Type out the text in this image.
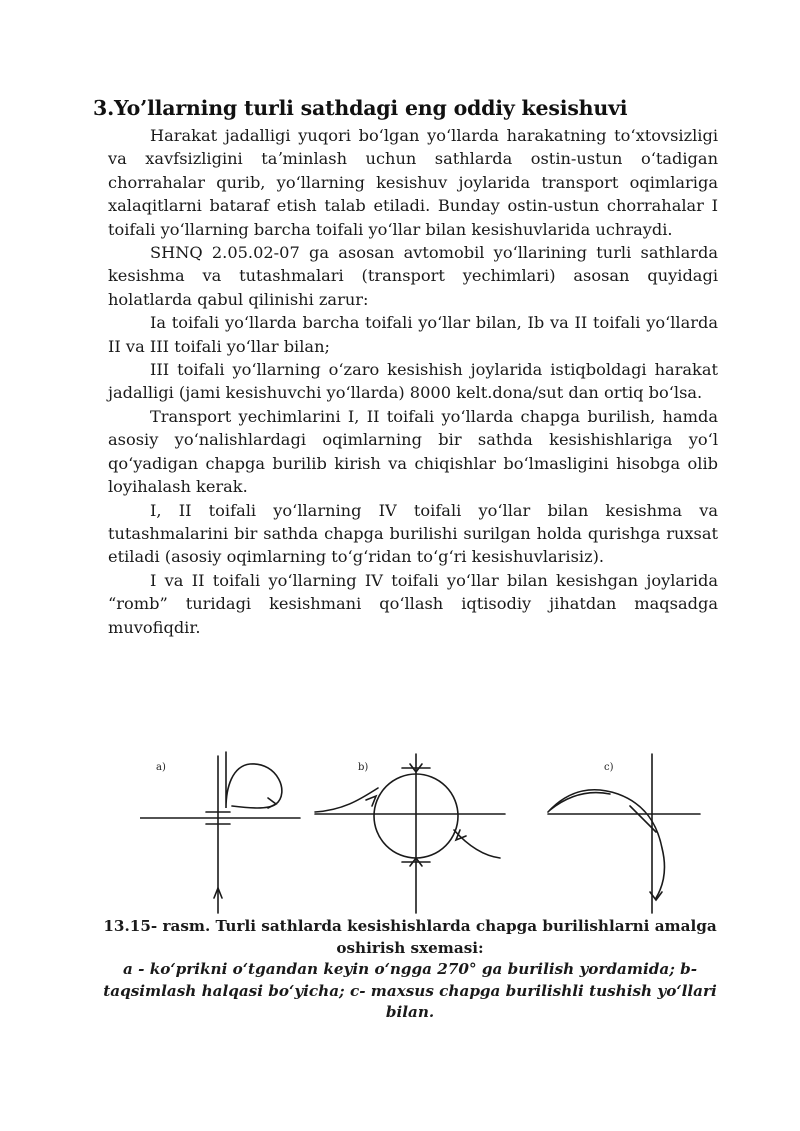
3.Yo’llarning turli sathdagi eng oddiy kesishuvi

Harakat jadalligi yuqori boʻlgan yoʻllarda harakatning toʻxtovsizligi va xavfsizligini taʼminlash uchun sathlarda ostin-ustun oʻtadigan chorrahalar qurib, yoʻllarning kesishuv joylarida transport oqimlariga xalaqitlarni bataraf etish talab etiladi. Bunday ostin-ustun chorrahalar I toifali yoʻllarning barcha toifali yoʻllar bilan kesishuvlarida uchraydi.

SHNQ 2.05.02-07 ga asosan avtomobil yoʻllarining turli sathlarda kesishma va tutashmalari (transport yechimlari) asosan quyidagi holatlarda qabul qilinishi zarur:

Ia toifali yoʻllarda barcha toifali yoʻllar bilan, Ib va II toifali yoʻllarda II va III toifali yoʻllar bilan;

III toifali yoʻllarning oʻzaro kesishish joylarida istiqboldagi harakat jadalligi (jami kesishuvchi yoʻllarda) 8000 kelt.dona/sut dan ortiq boʻlsa.

Transport yechimlarini I, II toifali yoʻllarda chapga burilish, hamda asosiy yoʻnalishlardagi oqimlarning bir sathda kesishishlariga yoʻl qoʻyadigan chapga burilib kirish va chiqishlar boʻlmasligini hisobga olib loyihalash kerak.

I, II toifali yoʻllarning IV toifali yoʻllar bilan kesishma va tutashmalarini bir sathda chapga burilishi surilgan holda qurishga ruxsat etiladi (asosiy oqimlarning toʻgʻridan toʻgʻri kesishuvlarisiz).

I va II toifali yoʻllarning IV toifali yoʻllar bilan kesishgan joylarida “romb” turidagi kesishmani qoʻllash iqtisodiy jihatdan maqsadga muvofiqdir.

a)	b)	c)
13.15- rasm. Turli sathlarda kesishishlarda chapga burilishlarni amalga oshirish sxemasi:
a - koʻprikni oʻtgandan keyin oʻngga 270° ga burilish yordamida; b- taqsimlash halqasi boʻyicha; c- maxsus chapga burilishli tushish yoʻllari bilan.
